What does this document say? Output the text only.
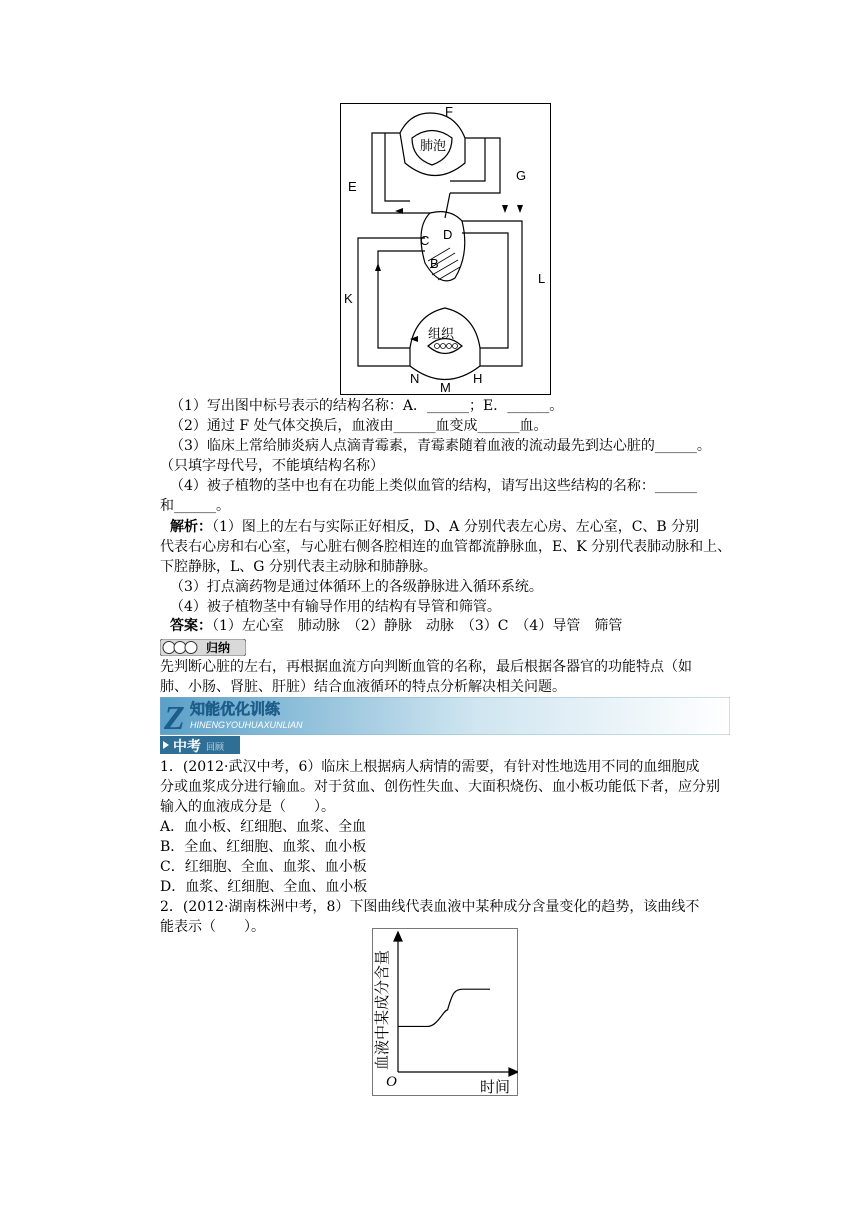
F
肺泡
G
E
L
K
组织
N
M
H
C D
B
（1）写出图中标号表示的结构名称：A．______；E．______。
（2）通过 F 处气体交换后，血液由______血变成______血。
（3）临床上常给肺炎病人点滴青霉素，青霉素随着血液的流动最先到达心脏的______。
（只填字母代号，不能填结构名称）
（4）被子植物的茎中也有在功能上类似血管的结构，请写出这些结构的名称：______
和______。
解析：（1）图上的左右与实际正好相反，D、A 分别代表左心房、左心室，C、B 分别
代表右心房和右心室，与心脏右侧各腔相连的血管都流静脉血，E、K 分别代表肺动脉和上、
下腔静脉，L、G 分别代表主动脉和肺静脉。
（3）打点滴药物是通过体循环上的各级静脉进入循环系统。
（4）被子植物茎中有输导作用的结构有导管和筛管。
答案：（1）左心室　肺动脉　（2）静脉　动脉　（3）C　（4）导管　筛管
归纳
先判断心脏的左右，再根据血流方向判断血管的名称，最后根据各器官的功能特点（如
肺、小肠、肾脏、肝脏）结合血液循环的特点分析解决相关问题。
Z 知能优化训练
HINENGYOUHUAXUNLIAN
中考 回顾
1．(2012·武汉中考，6）临床上根据病人病情的需要，有针对性地选用不同的血细胞成
分或血浆成分进行输血。对于贫血、创伤性失血、大面积烧伤、血小板功能低下者，应分别
输入的血液成分是（　　）。
A．血小板、红细胞、血浆、全血
B．全血、红细胞、血浆、血小板
C．红细胞、全血、血浆、血小板
D．血浆、红细胞、全血、血小板
2．(2012·湖南株洲中考，8）下图曲线代表血液中某种成分含量变化的趋势，该曲线不
能表示（　　）。
O	时间
血液中某成分含量
